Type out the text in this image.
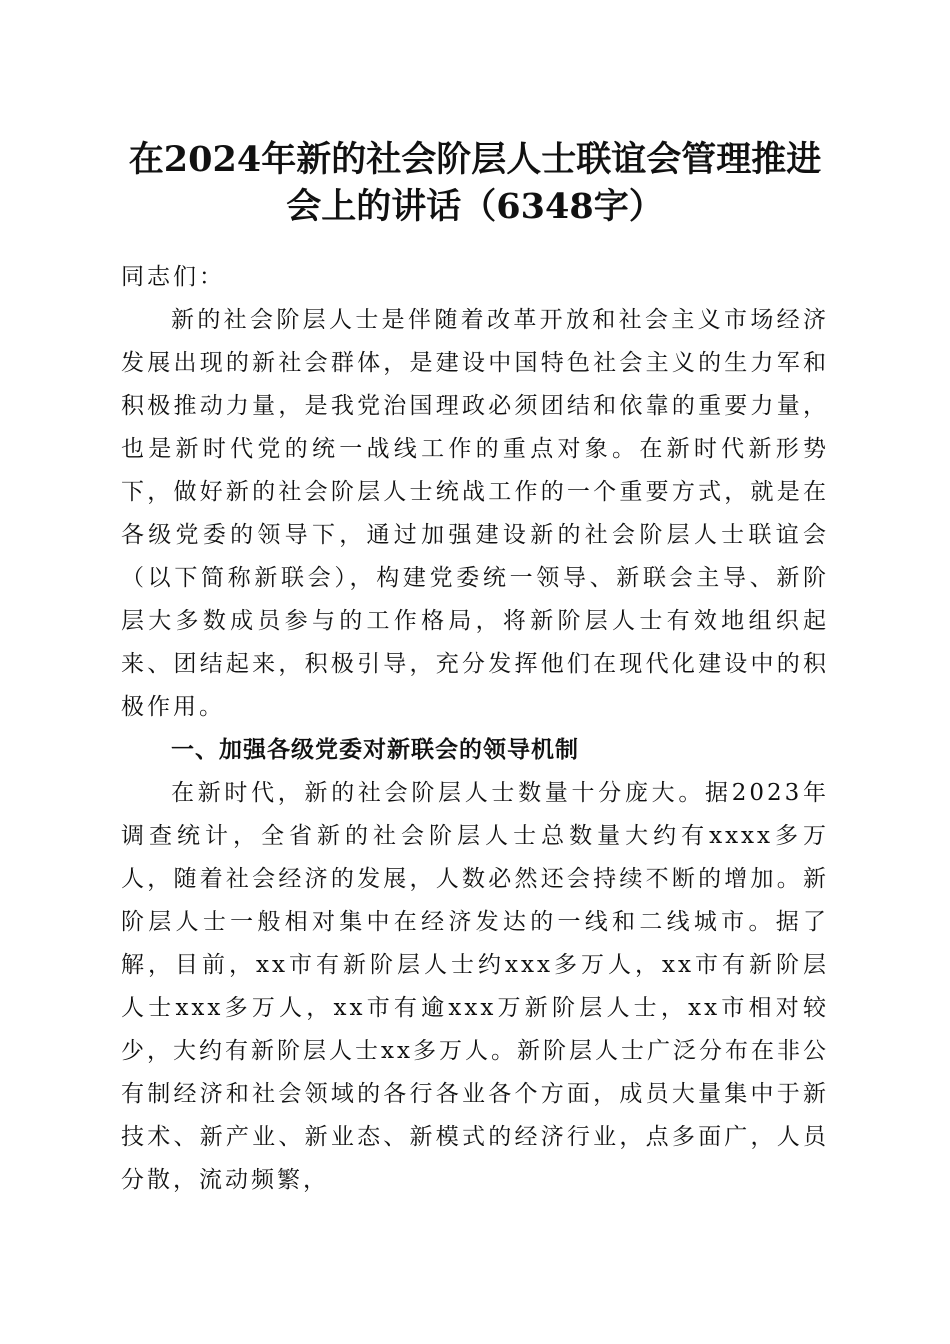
在2024年新的社会阶层人士联谊会管理推进
会上的讲话（6348字）

同志们：

新的社会阶层人士是伴随着改革开放和社会主义市场经济发展出现的新社会群体，是建设中国特色社会主义的生力军和积极推动力量，是我党治国理政必须团结和依靠的重要力量，也是新时代党的统一战线工作的重点对象。在新时代新形势下，做好新的社会阶层人士统战工作的一个重要方式，就是在各级党委的领导下，通过加强建设新的社会阶层人士联谊会（以下简称新联会），构建党委统一领导、新联会主导、新阶层大多数成员参与的工作格局，将新阶层人士有效地组织起来、团结起来，积极引导，充分发挥他们在现代化建设中的积极作用。

一、加强各级党委对新联会的领导机制

在新时代，新的社会阶层人士数量十分庞大。据2023年调查统计，全省新的社会阶层人士总数量大约有xxxx多万人，随着社会经济的发展，人数必然还会持续不断的增加。新阶层人士一般相对集中在经济发达的一线和二线城市。据了解，目前，xx市有新阶层人士约xxx多万人，xx市有新阶层人士xxx多万人，xx市有逾xxx万新阶层人士，xx市相对较少，大约有新阶层人士xx多万人。新阶层人士广泛分布在非公有制经济和社会领域的各行各业各个方面，成员大量集中于新技术、新产业、新业态、新模式的经济行业，点多面广，人员分散，流动频繁，
